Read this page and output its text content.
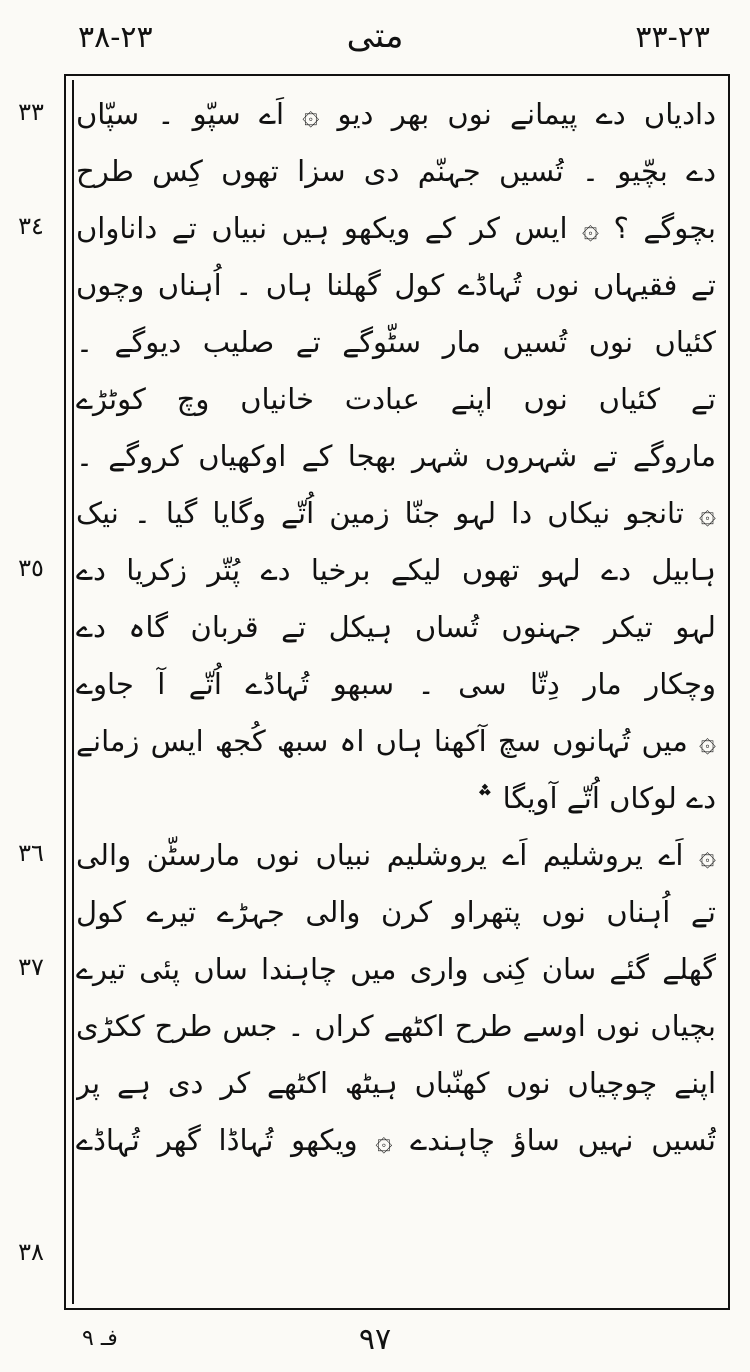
٢٣-٣٨	متی	٢٣-٣٣
دادیاں دے پیمانے نوں بھر دیو ۞ اَے سپّو ۔ سپّاں
دے بچّیو ۔ تُسیں جہنّم دی سزا تھوں کِس طرح
بچوگے ؟ ۞ ایس کر کے ویکھو ہیں نبیاں تے داناواں
تے فقیہاں نوں تُہاڈے کول گھلنا ہاں ۔ اُہناں وچوں
کئیاں نوں تُسیں مار سٹّوگے تے صلیب دیوگے ۔
تے کئیاں نوں اپنے عبادت خانیاں وچ کوٹڑے
ماروگے تے شہروں شہر بھجا کے اوکھیاں کروگے ۔
۞ تانجو نیکاں دا لہو جنّا زمین اُتّے وگایا گیا ۔ نیک
ہابیل دے لہو تھوں لیکے برخیا دے پُتّر زکریا دے
لہو تیکر جہنوں تُساں ہیکل تے قربان گاہ دے
وچکار مار دِتّا سی ۔ سبھو تُہاڈے اُتّے آ جاوے
۞ میں تُہانوں سچ آکھنا ہاں اہ سبھ کُجھ ایس زمانے
دے لوکاں اُتّے آویگا ؞
۞ اَے یروشلیم اَے یروشلیم نبیاں نوں مارسٹّن والی
تے اُہناں نوں پتھراو کرن والی جہڑے تیرے کول
گھلے گئے سان کِنی واری میں چاہندا ساں پئی تیرے
بچیاں نوں اوسے طرح اکٹھے کراں ۔ جس طرح ککڑی
اپنے چوچیاں نوں کھنّباں ہیٹھ اکٹھے کر دی ہے پر
تُسیں نہیں ساؤ چاہندے ۞ ویکھو تُہاڈا گھر تُہاڈے
٣٣
٣٤
٣٥
٣٦
٣٧
٣٨
فـ ٩	٩٧
